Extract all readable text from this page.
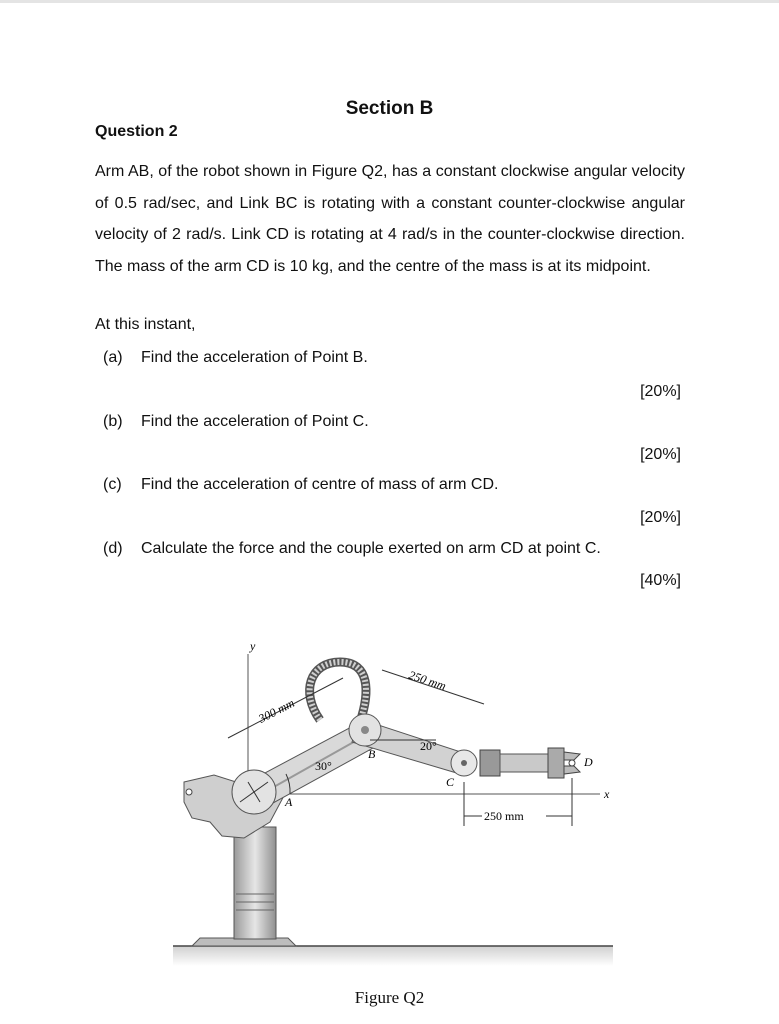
Section B
Question 2
Arm AB, of the robot shown in Figure Q2, has a constant clockwise angular velocity of 0.5 rad/sec, and Link BC is rotating with a constant counter-clockwise angular velocity of 2 rad/s. Link CD is rotating at 4 rad/s in the counter-clockwise direction. The mass of the arm CD is 10 kg, and the centre of the mass is at its midpoint.
At this instant,
(a) Find the acceleration of Point B.
[20%]
(b) Find the acceleration of Point C.
[20%]
(c) Find the acceleration of centre of mass of arm CD.
[20%]
(d) Calculate the force and the couple exerted on arm CD at point C.
[40%]
y
x
30°
20°
300 mm
250 mm
250 mm
A
B
C
D
Figure Q2
